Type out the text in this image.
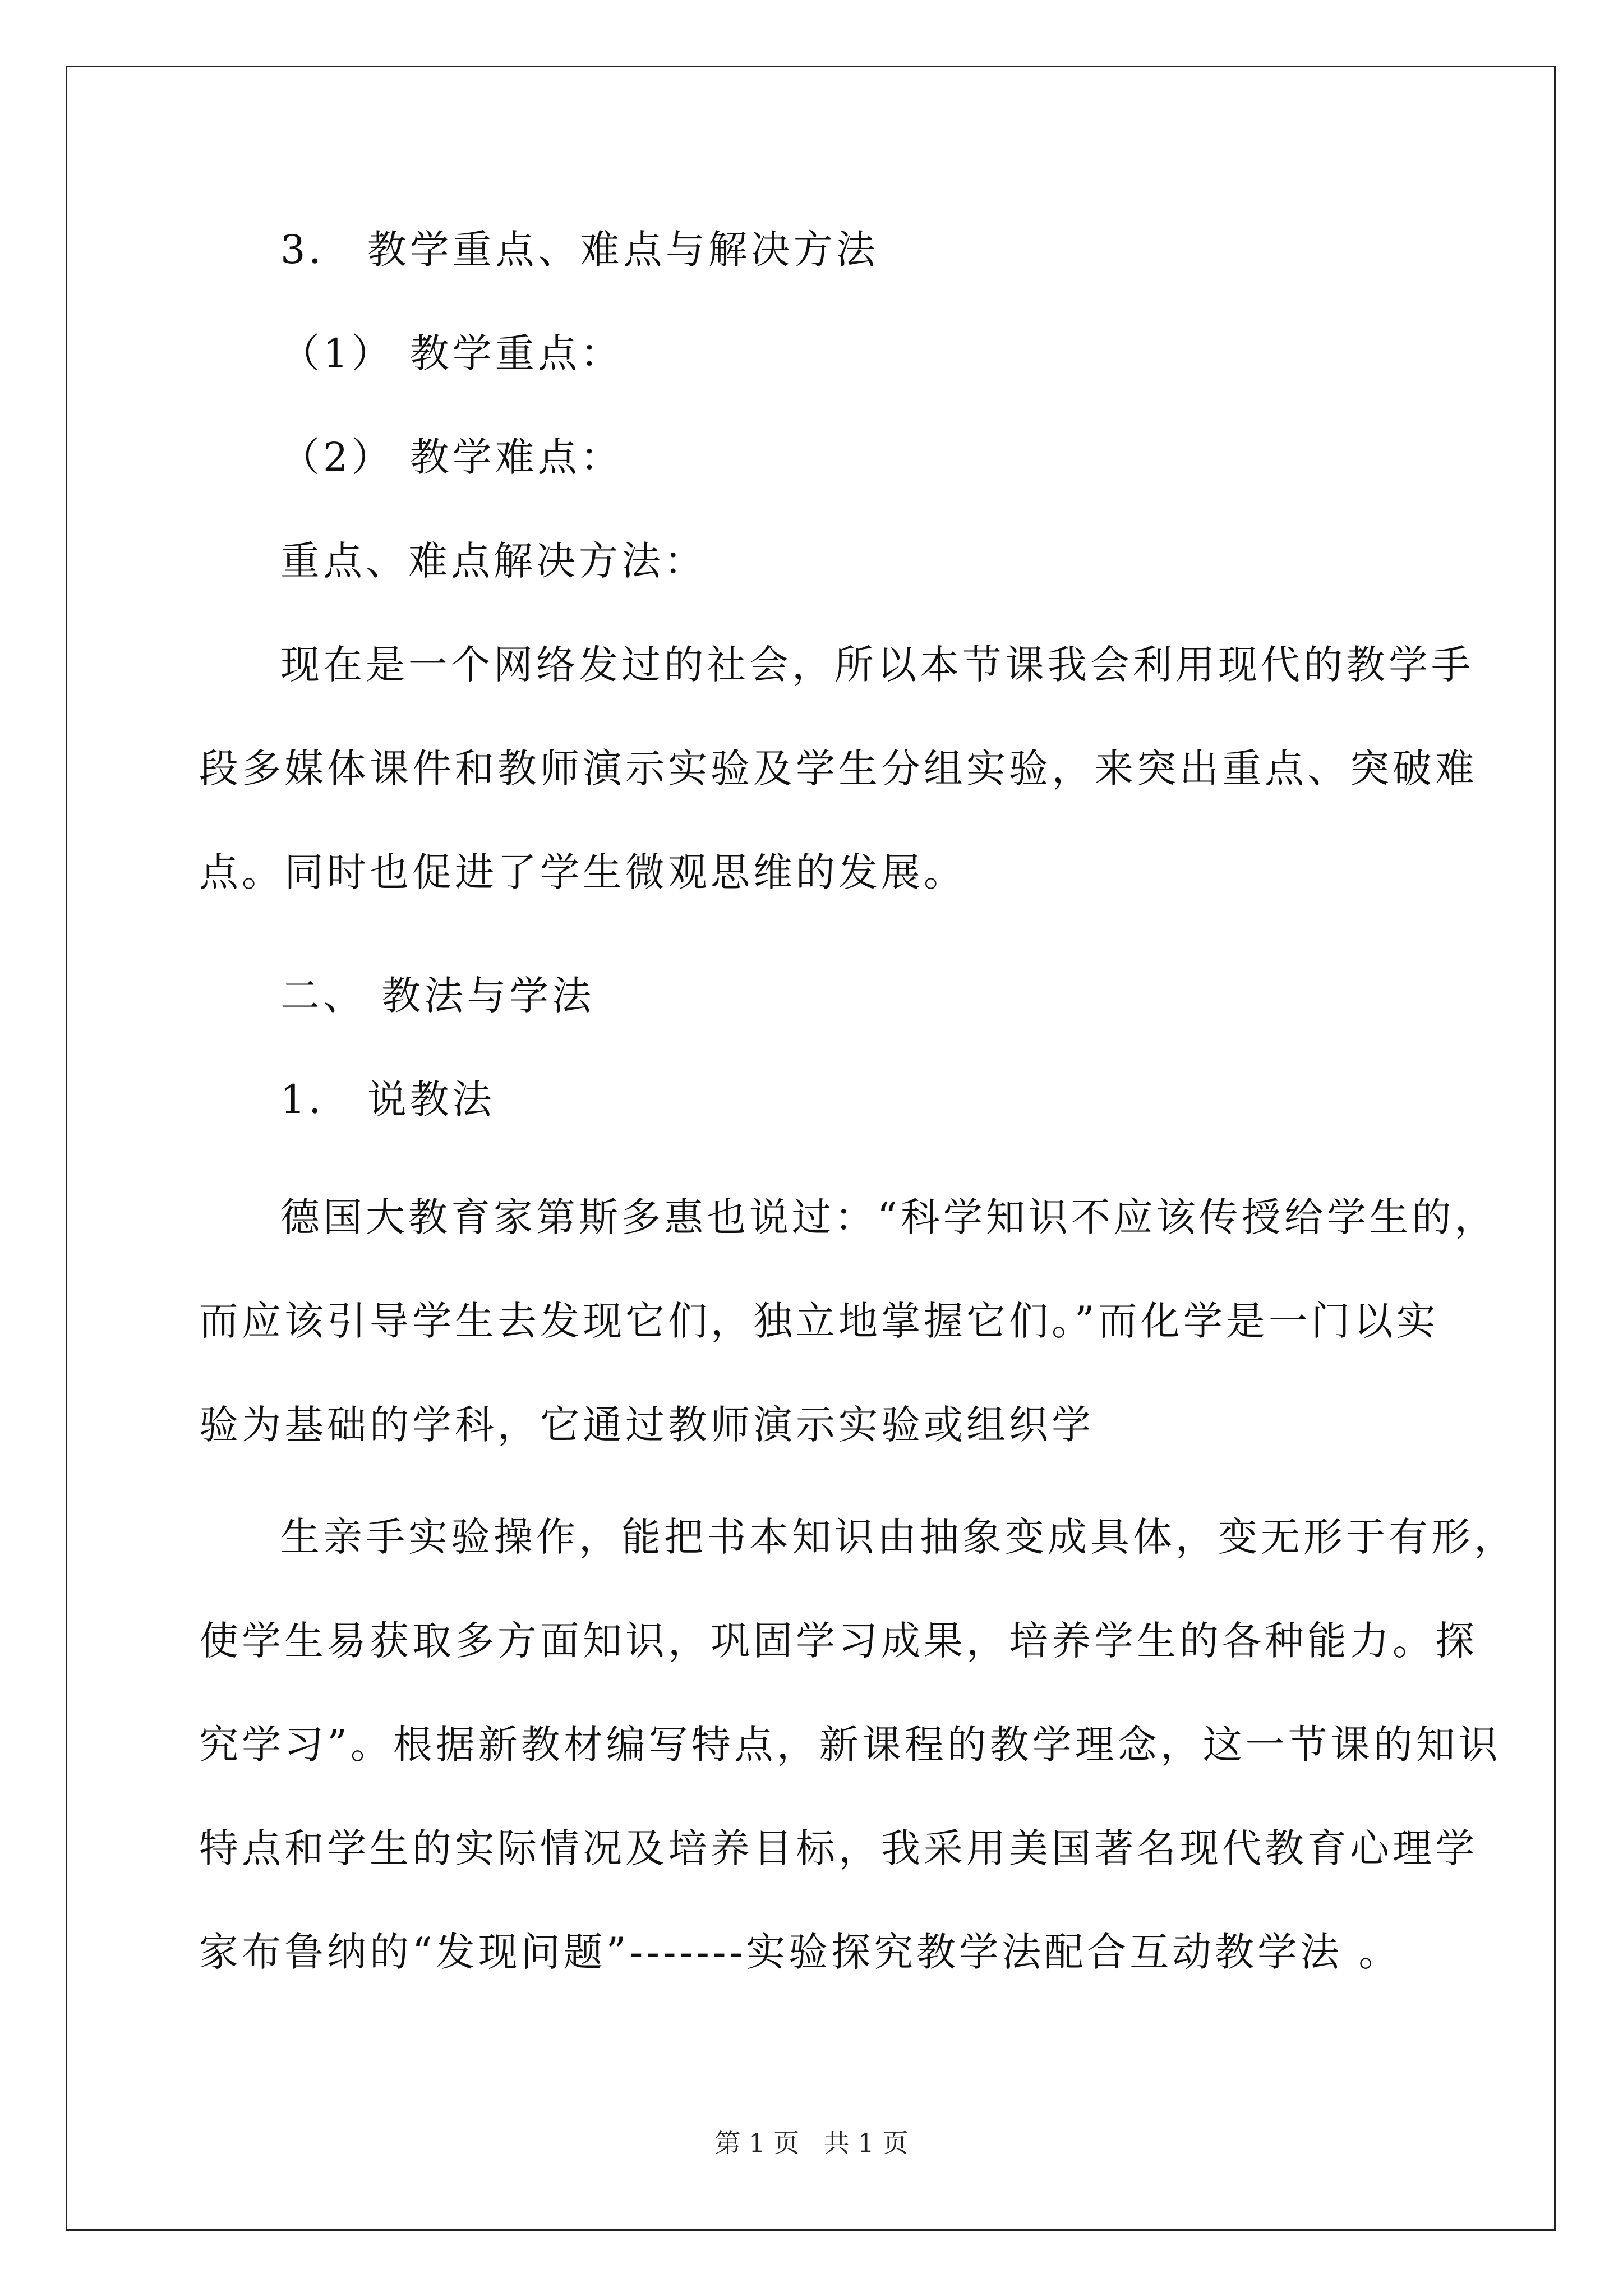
3． 教学重点、难点与解决方法
（1） 教学重点：
（2） 教学难点：
重点、难点解决方法：
现在是一个网络发过的社会，所以本节课我会利用现代的教学手
段多媒体课件和教师演示实验及学生分组实验，来突出重点、突破难
点。同时也促进了学生微观思维的发展。
二、 教法与学法
1． 说教法
德国大教育家第斯多惠也说过：“科学知识不应该传授给学生的，
而应该引导学生去发现它们，独立地掌握它们。”而化学是一门以实
验为基础的学科，它通过教师演示实验或组织学
生亲手实验操作，能把书本知识由抽象变成具体，变无形于有形，
使学生易获取多方面知识，巩固学习成果，培养学生的各种能力。探
究学习”。根据新教材编写特点，新课程的教学理念，这一节课的知识
特点和学生的实际情况及培养目标，我采用美国著名现代教育心理学
家布鲁纳的“发现问题”-------实验探究教学法配合互动教学法 。
第 1 页   共 1 页
